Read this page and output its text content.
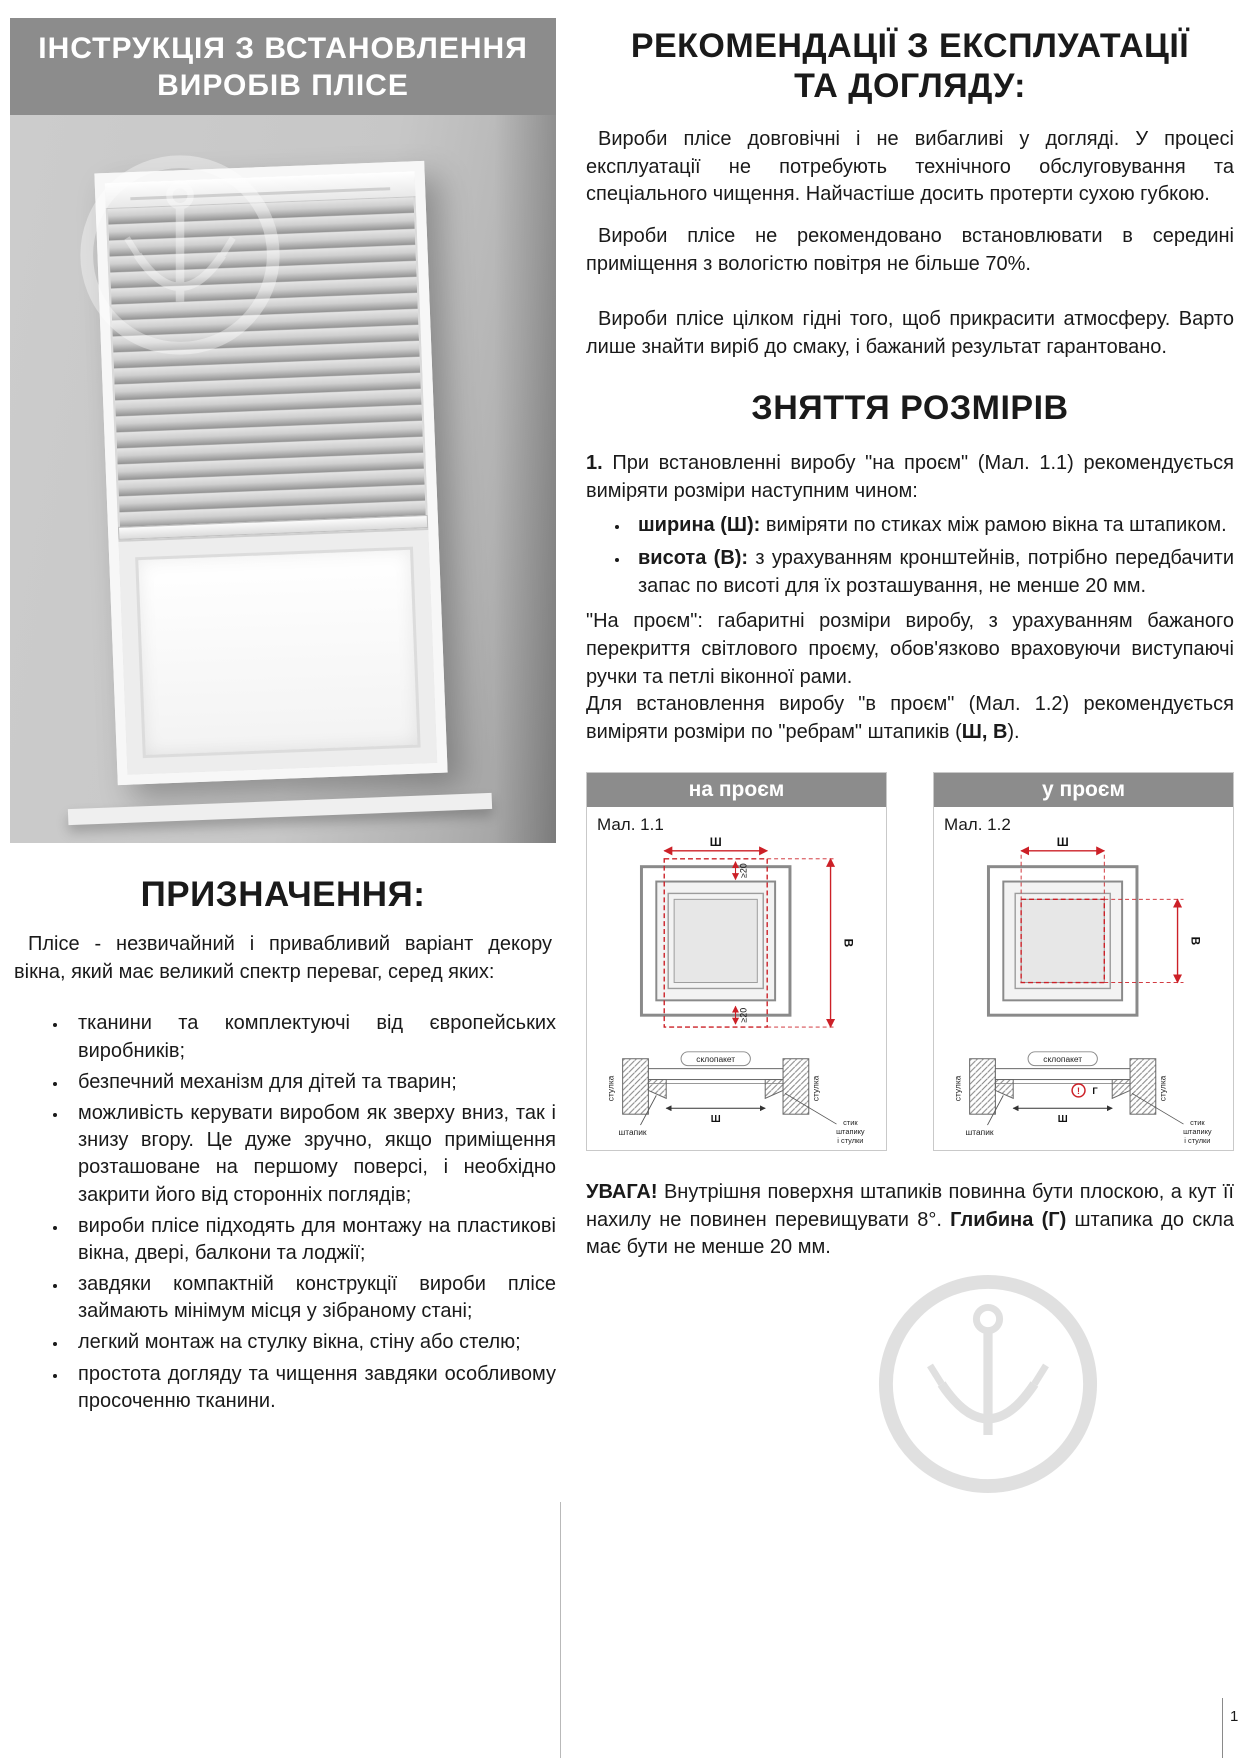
ІНСТРУКЦІЯ З ВСТАНОВЛЕННЯ
ВИРОБІВ ПЛІСЕ
ПРИЗНАЧЕННЯ:

Плісе - незвичайний і привабливий варіант декору вікна, який має великий спектр переваг, серед яких:

• тканини та комплектуючі від європейських виробників;
• безпечний механізм для дітей та тварин;
• можливість керувати виробом як зверху вниз, так і знизу вгору. Це дуже зручно, якщо приміщення розташоване на першому поверсі, і необхідно закрити його від сторонніх поглядів;
• вироби плісе підходять для монтажу на пластикові вікна, двері, балкони та лоджії;
• завдяки компактній конструкції вироби плісе займають мінімум місця у зібраному стані;
• легкий монтаж на стулку вікна, стіну або стелю;
• простота догляду та чищення завдяки особливому просоченню тканини.
РЕКОМЕНДАЦІЇ З ЕКСПЛУАТАЦІЇ
ТА ДОГЛЯДУ:

Вироби плісе довговічні і не вибагливі у догляді. У процесі експлуатації не потребують технічного обслуговування та спеціального чищення. Найчастіше досить протерти сухою губкою.

Вироби плісе не рекомендовано встановлювати в середині приміщення з вологістю повітря не більше 70%.

Вироби плісе цілком гідні того, щоб прикрасити атмосферу. Варто лише знайти виріб до смаку, і бажаний результат гарантовано.

ЗНЯТТЯ РОЗМІРІВ

1. При встановленні виробу "на проєм" (Мал. 1.1) рекомендується виміряти розміри наступним чином:

• ширина (Ш): виміряти по стиках між рамою вікна та штапиком.
• висота (В): з урахуванням кронштейнів, потрібно передбачити запас по висоті для їх розташування, не менше 20 мм.

"На проєм": габаритні розміри виробу, з урахуванням бажаного перекриття світлового проєму, обов'язково враховуючи виступаючі ручки та петлі віконної рами.

Для встановлення виробу "в проєм" (Мал. 1.2) рекомендується виміряти розміри по "ребрам" штапиків (Ш, В).

на проєм
Мал. 1.1
Ш
В
≥20
≥20
склопакет
стулка	стулка
штапик
Ш	стик
штапику
і стулки
у проєм
Мал. 1.2
Ш
В
склопакет
стулка	стулка
! Г
штапик
Ш	стик
штапику
і стулки

УВАГА! Внутрішня поверхня штапиків повинна бути плоскою, а кут її нахилу не повинен перевищувати 8°. Глибина (Г) штапика до скла має бути не менше 20 мм.

1
